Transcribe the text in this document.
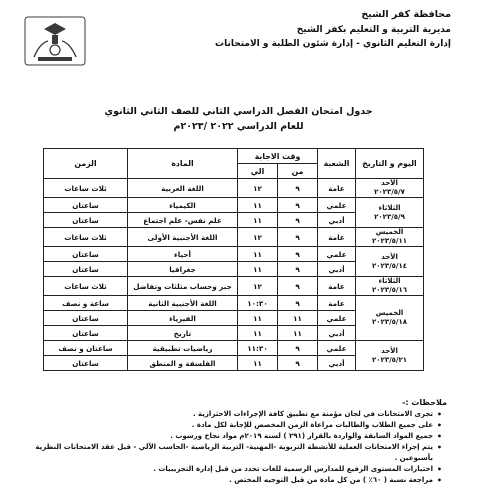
محافظة كفر الشيخ
مديرية التربية و التعليم بكفر الشيخ
إدارة التعليم الثانوي - إدارة شئون الطلبة و الامتحانات
جدول امتحان الفصل الدراسي الثاني للصف الثاني الثانوي
للعام الدراسي ٢٠٢٢ /٢٠٢٣م
اليوم و التاريخ	الشعبة	وقت الاجابة		المادة	الزمن
		من	الي		

الأحد
٢٠٢٣/٥/٧	عامة	٩	١٢	اللغة العربية	ثلاث ساعات

الثلاثاء
٢٠٢٣/٥/٩	علمي	٩	١١	الكيمياء	ساعتان
	أدبي	٩	١١	علم نفس- علم اجتماع	ساعتان

الخميس
٢٠٢٣/٥/١١	عامة	٩	١٢	اللغة الأجنبية الأولى	ثلاث ساعات

الأحد
٢٠٢٣/٥/١٤	علمي	٩	١١	أحياء	ساعتان
	أدبي	٩	١١	جغرافيا	ساعتان

الثلاثاء
٢٠٢٣/٥/١٦	عامة	٩	١٢	جبر وحساب مثلثات وتفاضل	ثلاث ساعات

الخميس
٢٠٢٣/٥/١٨	عامة	٩	١٠:٣٠	اللغة الأجنبية الثانية	ساعة و نصف
	علمي	١١	١١	الفيزياء	ساعتان
	أدبي	١١	١١	تاريخ	ساعتان

الأحد
٢٠٢٣/٥/٢١	علمي	٩	١١:٣٠	رياضيات تطبيقية	ساعتان و نصف
	أدبي	٩	١١	الفلسفة و المنطق	ساعتان
ملاحظات :-
• تجرى الامتحانات في لجان مؤمنة مع تطبيق كافة الإجراءات الاحترازية .
• على جميع الطلاب والطالبات مراعاة الزمن المخصص للإجابة لكل مادة .
• جميع المواد السابقة والواردة بالقرار (٢٩١ ) لسنة ٢٠١٩م مواد نجاح ورسوب .
• يتم إجراء الامتحانات العملية للأنشطة التربوية -المهنية- التربية الرياضية -الحاسب الآلي - قبل عقد الامتحانات النظرية بأسبوعين .
• اختبارات المستوى الرفيع للمدارس الرسمية للغات تحدد من قبل إدارة التجريبيات .
• مراجعة نسبة ( ٦٠٪ ) من كل مادة من قبل التوجيه المختص .
